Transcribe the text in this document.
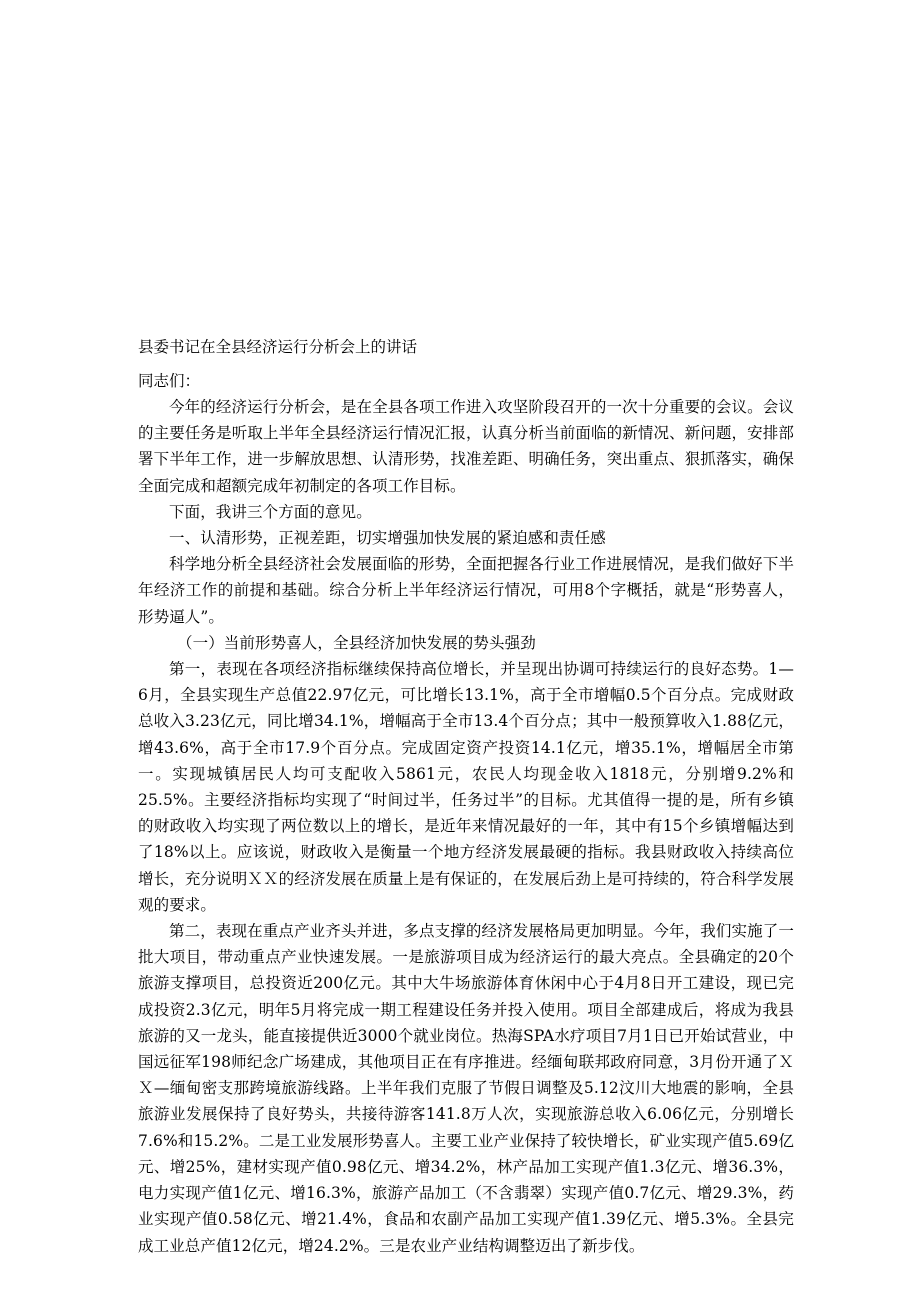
县委书记在全县经济运行分析会上的讲话

同志们：

今年的经济运行分析会，是在全县各项工作进入攻坚阶段召开的一次十分重要的会议。会议的主要任务是听取上半年全县经济运行情况汇报，认真分析当前面临的新情况、新问题，安排部署下半年工作，进一步解放思想、认清形势，找准差距、明确任务，突出重点、狠抓落实，确保全面完成和超额完成年初制定的各项工作目标。

下面，我讲三个方面的意见。

一、认清形势，正视差距，切实增强加快发展的紧迫感和责任感

科学地分析全县经济社会发展面临的形势，全面把握各行业工作进展情况，是我们做好下半年经济工作的前提和基础。综合分析上半年经济运行情况，可用8个字概括，就是“形势喜人，形势逼人”。

（一）当前形势喜人，全县经济加快发展的势头强劲

第一，表现在各项经济指标继续保持高位增长，并呈现出协调可持续运行的良好态势。1—6月，全县实现生产总值22.97亿元，可比增长13.1%，高于全市增幅0.5个百分点。完成财政总收入3.23亿元，同比增34.1%，增幅高于全市13.4个百分点；其中一般预算收入1.88亿元，增43.6%，高于全市17.9个百分点。完成固定资产投资14.1亿元，增35.1%，增幅居全市第一。实现城镇居民人均可支配收入5861元，农民人均现金收入1818元，分别增9.2%和25.5%。主要经济指标均实现了“时间过半，任务过半”的目标。尤其值得一提的是，所有乡镇的财政收入均实现了两位数以上的增长，是近年来情况最好的一年，其中有15个乡镇增幅达到了18%以上。应该说，财政收入是衡量一个地方经济发展最硬的指标。我县财政收入持续高位增长，充分说明ＸＸ的经济发展在质量上是有保证的，在发展后劲上是可持续的，符合科学发展观的要求。

第二，表现在重点产业齐头并进，多点支撑的经济发展格局更加明显。今年，我们实施了一批大项目，带动重点产业快速发展。一是旅游项目成为经济运行的最大亮点。全县确定的20个旅游支撑项目，总投资近200亿元。其中大牛场旅游体育休闲中心于4月8日开工建设，现已完成投资2.3亿元，明年5月将完成一期工程建设任务并投入使用。项目全部建成后，将成为我县旅游的又一龙头，能直接提供近3000个就业岗位。热海SPA水疗项目7月1日已开始试营业，中国远征军198师纪念广场建成，其他项目正在有序推进。经缅甸联邦政府同意，3月份开通了ＸＸ—缅甸密支那跨境旅游线路。上半年我们克服了节假日调整及5.12汶川大地震的影响，全县旅游业发展保持了良好势头，共接待游客141.8万人次，实现旅游总收入6.06亿元，分别增长7.6%和15.2%。二是工业发展形势喜人。主要工业产业保持了较快增长，矿业实现产值5.69亿元、增25%，建材实现产值0.98亿元、增34.2%，林产品加工实现产值1.3亿元、增36.3%，电力实现产值1亿元、增16.3%，旅游产品加工（不含翡翠）实现产值0.7亿元、增29.3%，药业实现产值0.58亿元、增21.4%，食品和农副产品加工实现产值1.39亿元、增5.3%。全县完成工业总产值12亿元，增24.2%。三是农业产业结构调整迈出了新步伐。
